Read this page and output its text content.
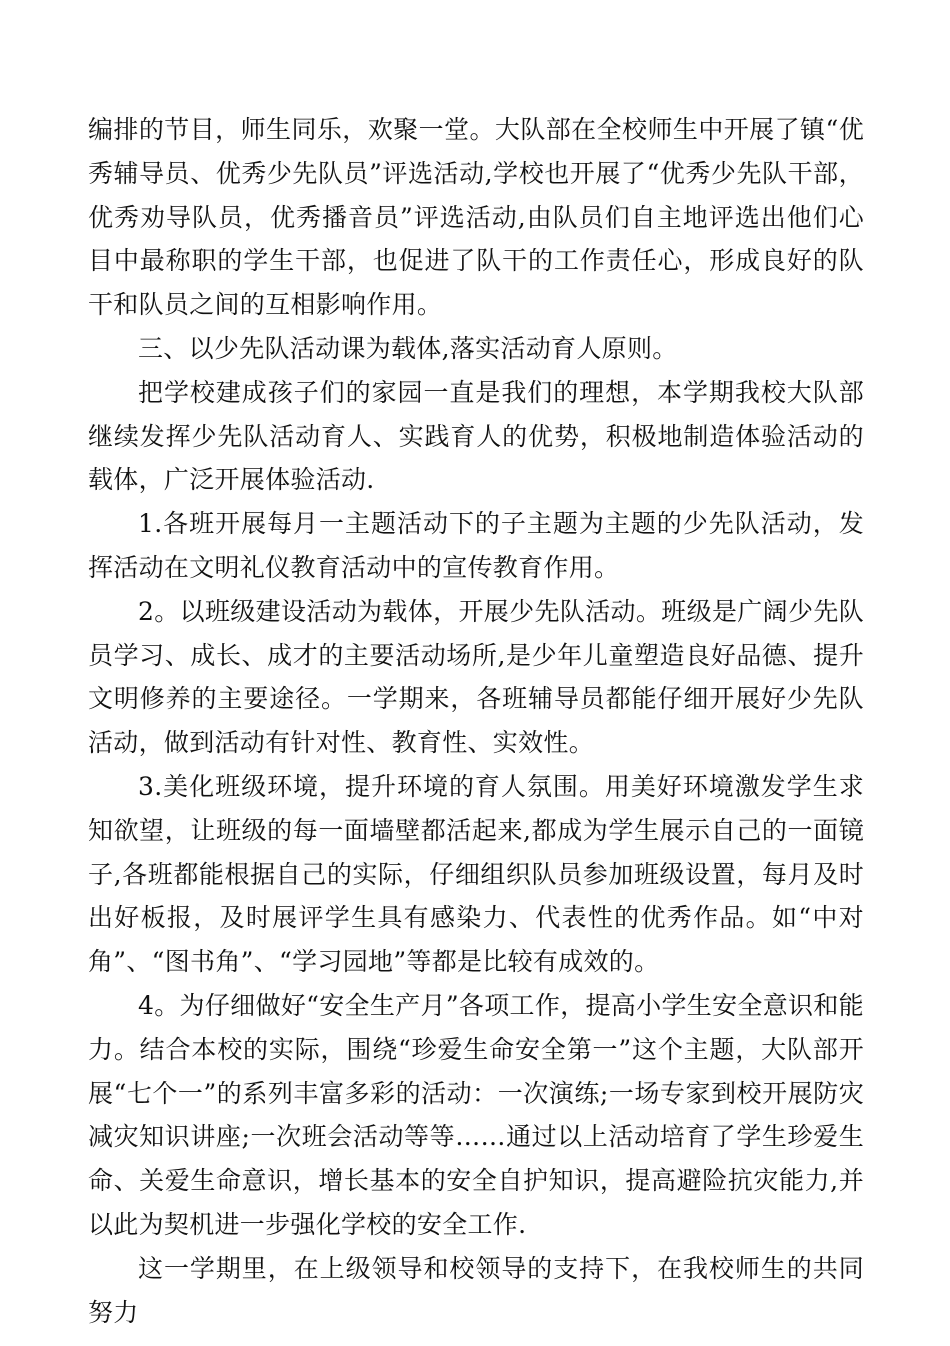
编排的节目，师生同乐，欢聚一堂。大队部在全校师生中开展了镇“优秀辅导员、优秀少先队员”评选活动,学校也开展了“优秀少先队干部，优秀劝导队员，优秀播音员”评选活动,由队员们自主地评选出他们心目中最称职的学生干部，也促进了队干的工作责任心，形成良好的队干和队员之间的互相影响作用。

三、以少先队活动课为载体,落实活动育人原则。

把学校建成孩子们的家园一直是我们的理想，本学期我校大队部继续发挥少先队活动育人、实践育人的优势，积极地制造体验活动的载体，广泛开展体验活动.

1.各班开展每月一主题活动下的子主题为主题的少先队活动，发挥活动在文明礼仪教育活动中的宣传教育作用。

2。以班级建设活动为载体，开展少先队活动。班级是广阔少先队员学习、成长、成才的主要活动场所,是少年儿童塑造良好品德、提升文明修养的主要途径。一学期来，各班辅导员都能仔细开展好少先队活动，做到活动有针对性、教育性、实效性。

3.美化班级环境，提升环境的育人氛围。用美好环境激发学生求知欲望，让班级的每一面墙壁都活起来,都成为学生展示自己的一面镜子,各班都能根据自己的实际，仔细组织队员参加班级设置，每月及时出好板报，及时展评学生具有感染力、代表性的优秀作品。如“中对角”、“图书角”、“学习园地”等都是比较有成效的。

4。为仔细做好“安全生产月”各项工作，提高小学生安全意识和能力。结合本校的实际，围绕“珍爱生命安全第一”这个主题，大队部开展“七个一”的系列丰富多彩的活动：一次演练;一场专家到校开展防灾减灾知识讲座;一次班会活动等等……通过以上活动培育了学生珍爱生命、关爱生命意识，增长基本的安全自护知识，提高避险抗灾能力,并以此为契机进一步强化学校的安全工作.

这一学期里，在上级领导和校领导的支持下，在我校师生的共同努力
